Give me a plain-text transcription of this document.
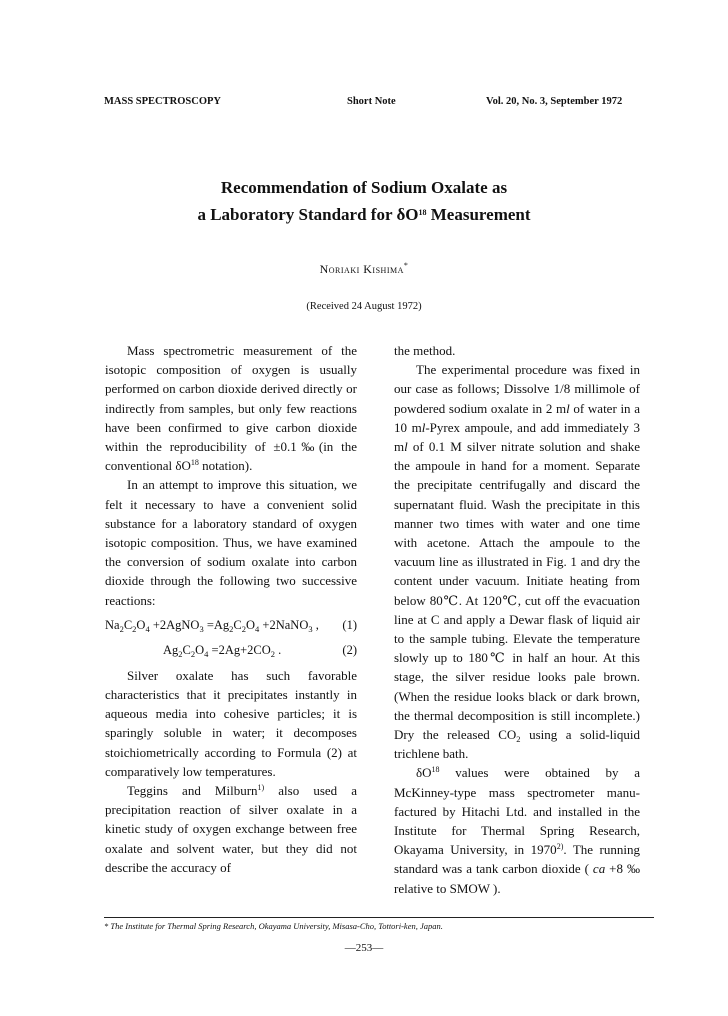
MASS SPECTROSCOPY	Short Note	Vol. 20, No. 3, September 1972
Recommendation of Sodium Oxalate as
a Laboratory Standard for $\delta O^{18}$ Measurement
Noriaki Kishima*
(Received 24 August 1972)

Mass spectrometric measurement of the isotopic composition of oxygen is usually performed on carbon dioxide derived directly or indirectly from samples, but only few reactions have been confirmed to give carbon dioxide within the reproducibility of ±0.1‰(in the conventional $\delta O^{18}$ notation).

In an attempt to improve this situation, we felt it necessary to have a convenient solid substance for a laboratory standard of oxygen isotopic composition. Thus, we have examined the conversion of sodium oxalate into carbon dioxide through the following two successive reactions:

$Na_2C_2O_4$ +2AgNO$_3$ $=Ag_2C_2O_4$ +2NaNO$_3$ , (1)
$Ag_2C_2O_4 =2Ag+2CO_2$ .	(2)

Silver oxalate has such favorable characteristics that it precipitates instantly in aqueous media into cohesive particles; it is sparingly soluble in water; it decomposes stoichiometrically according to Formula (2) at comparatively low temperatures.

Teggins and Milburn$^{1)}$ also used a precipitation reaction of silver oxalate in a kinetic study of oxygen exchange between free oxalate and solvent water, but they did not describe the accuracy of

the method.

The experimental procedure was fixed in our case as follows; Dissolve 1/8 millimole of powdered sodium oxalate in 2 ml of water in a 10 ml-Pyrex ampoule, and add immediately 3 ml of 0.1 M silver nitrate solution and shake the ampoule in hand for a moment. Separate the precipitate centrifugally and discard the supernatant fluid. Wash the precipitate in this manner two times with water and one time with acetone. Attach the ampoule to the vacuum line as illustrated in Fig. 1 and dry the content under vacuum. Initiate heating from below 80℃. At 120℃, cut off the evacuation line at C and apply a Dewar flask of liquid air to the sample tubing. Elevate the temperature slowly up to 180℃ in half an hour. At this stage, the silver residue looks pale brown. (When the residue looks black or dark brown, the thermal decomposition is still incomplete.) Dry the released $CO_2$ using a solid-liquid trichlene bath.

$\delta O^{18}$ values were obtained by a McKinney-type mass spectrometer manufactured by Hitachi Ltd. and installed in the Institute for Thermal Spring Research, Okayama University, in 1970$^{2)}$. The running standard was a tank carbon dioxide ( ca +8 ‰ relative to SMOW ).

* The Institute for Thermal Spring Research, Okayama University, Misasa-Cho, Tottori-ken, Japan.
—253—
